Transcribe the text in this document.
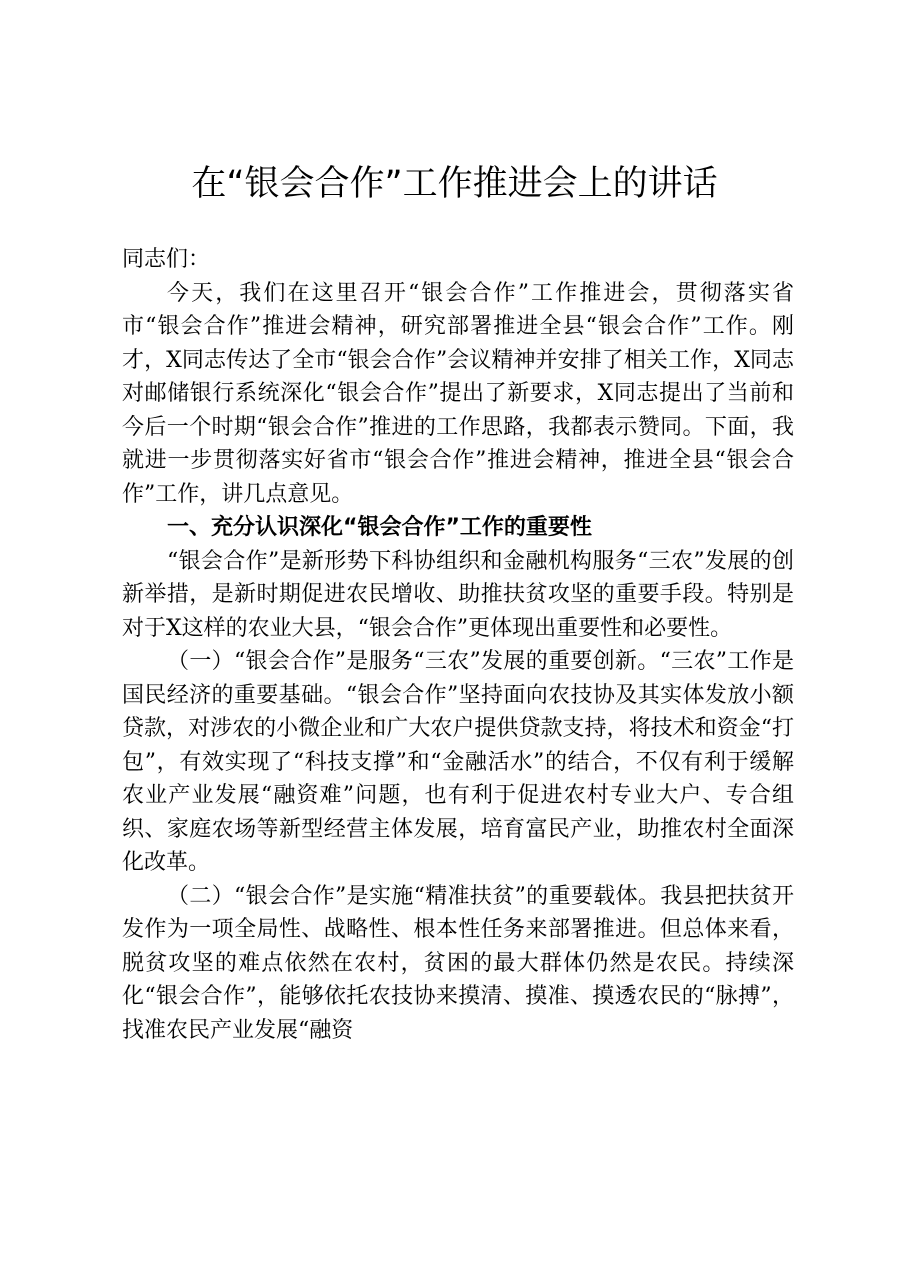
在“银会合作”工作推进会上的讲话

同志们：

今天，我们在这里召开“银会合作”工作推进会，贯彻落实省市“银会合作”推进会精神，研究部署推进全县“银会合作”工作。刚才，X同志传达了全市“银会合作”会议精神并安排了相关工作，X同志对邮储银行系统深化“银会合作”提出了新要求，X同志提出了当前和今后一个时期“银会合作”推进的工作思路，我都表示赞同。下面，我就进一步贯彻落实好省市“银会合作”推进会精神，推进全县“银会合作”工作，讲几点意见。

一、充分认识深化“银会合作”工作的重要性

“银会合作”是新形势下科协组织和金融机构服务“三农”发展的创新举措，是新时期促进农民增收、助推扶贫攻坚的重要手段。特别是对于X这样的农业大县，“银会合作”更体现出重要性和必要性。

（一）“银会合作”是服务“三农”发展的重要创新。“三农”工作是国民经济的重要基础。“银会合作”坚持面向农技协及其实体发放小额贷款，对涉农的小微企业和广大农户提供贷款支持，将技术和资金“打包”，有效实现了“科技支撑”和“金融活水”的结合，不仅有利于缓解农业产业发展“融资难”问题，也有利于促进农村专业大户、专合组织、家庭农场等新型经营主体发展，培育富民产业，助推农村全面深化改革。

（二）“银会合作”是实施“精准扶贫”的重要载体。我县把扶贫开发作为一项全局性、战略性、根本性任务来部署推进。但总体来看，脱贫攻坚的难点依然在农村，贫困的最大群体仍然是农民。持续深化“银会合作”，能够依托农技协来摸清、摸准、摸透农民的“脉搏”，找准农民产业发展“融资
